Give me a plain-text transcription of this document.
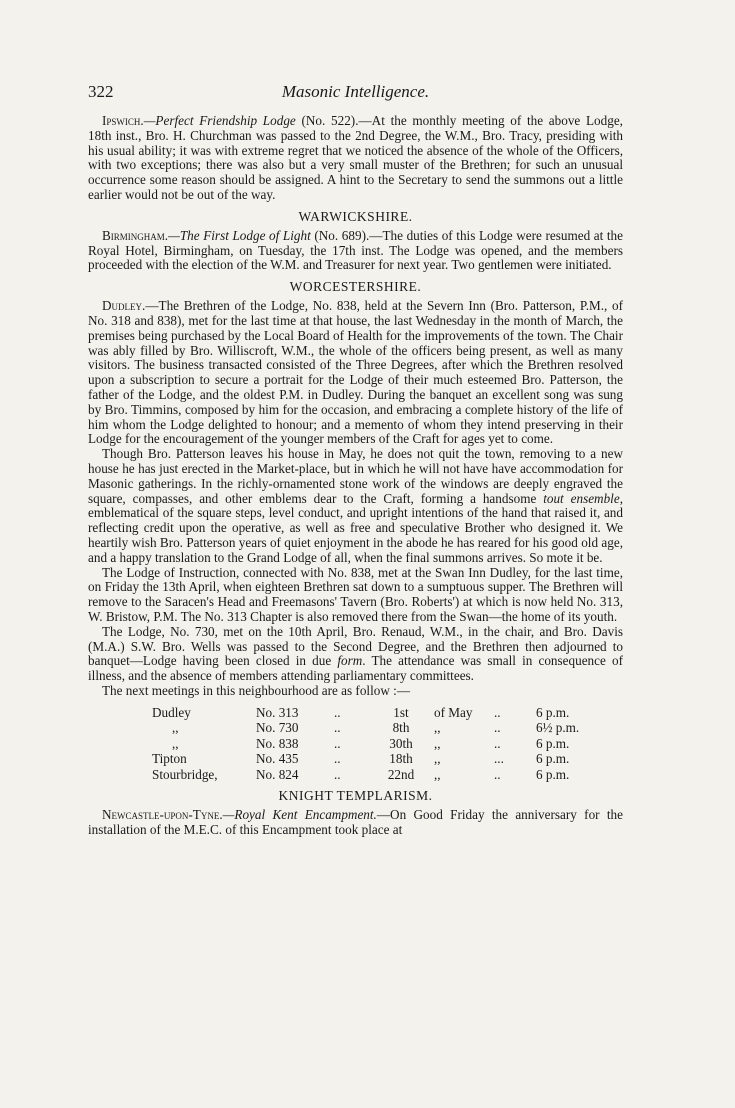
322	Masonic Intelligence.

Ipswich.—Perfect Friendship Lodge (No. 522).—At the monthly meeting of the above Lodge, 18th inst., Bro. H. Churchman was passed to the 2nd Degree, the W.M., Bro. Tracy, presiding with his usual ability; it was with extreme regret that we noticed the absence of the whole of the Officers, with two exceptions; there was also but a very small muster of the Brethren; for such an unusual occurrence some reason should be assigned. A hint to the Secretary to send the summons out a little earlier would not be out of the way.

WARWICKSHIRE.

Birmingham.—The First Lodge of Light (No. 689).—The duties of this Lodge were resumed at the Royal Hotel, Birmingham, on Tuesday, the 17th inst. The Lodge was opened, and the members proceeded with the election of the W.M. and Treasurer for next year. Two gentlemen were initiated.

WORCESTERSHIRE.

Dudley.—The Brethren of the Lodge, No. 838, held at the Severn Inn (Bro. Patterson, P.M., of No. 318 and 838), met for the last time at that house, the last Wednesday in the month of March, the premises being purchased by the Local Board of Health for the improvements of the town. The Chair was ably filled by Bro. Williscroft, W.M., the whole of the officers being present, as well as many visitors. The business transacted consisted of the Three Degrees, after which the Brethren resolved upon a subscription to secure a portrait for the Lodge of their much esteemed Bro. Patterson, the father of the Lodge, and the oldest P.M. in Dudley. During the banquet an excellent song was sung by Bro. Timmins, composed by him for the occasion, and embracing a complete history of the life of him whom the Lodge delighted to honour; and a memento of whom they intend preserving in their Lodge for the encouragement of the younger members of the Craft for ages yet to come.

Though Bro. Patterson leaves his house in May, he does not quit the town, removing to a new house he has just erected in the Market-place, but in which he will not have have accommodation for Masonic gatherings. In the richly-ornamented stone work of the windows are deeply engraved the square, compasses, and other emblems dear to the Craft, forming a handsome tout ensemble, emblematical of the square steps, level conduct, and upright intentions of the hand that raised it, and reflecting credit upon the operative, as well as free and speculative Brother who designed it. We heartily wish Bro. Patterson years of quiet enjoyment in the abode he has reared for his good old age, and a happy translation to the Grand Lodge of all, when the final summons arrives. So mote it be.

The Lodge of Instruction, connected with No. 838, met at the Swan Inn Dudley, for the last time, on Friday the 13th April, when eighteen Brethren sat down to a sumptuous supper. The Brethren will remove to the Saracen's Head and Freemasons' Tavern (Bro. Roberts') at which is now held No. 313, W. Bristow, P.M. The No. 313 Chapter is also removed there from the Swan—the home of its youth.

The Lodge, No. 730, met on the 10th April, Bro. Renaud, W.M., in the chair, and Bro. Davis (M.A.) S.W. Bro. Wells was passed to the Second Degree, and the Brethren then adjourned to banquet—Lodge having been closed in due form. The attendance was small in consequence of illness, and the absence of members attending parliamentary committees.

The next meetings in this neighbourhood are as follow :—

Dudley	No. 313	..	1st	of May	..	6 p.m.
,,	No. 730	..	8th	,,	..	6½ p.m.
,,	No. 838	..	30th	,,	..	6 p.m.
Tipton	No. 435	..	18th	,,	...	6 p.m.
Stourbridge,	No. 824	..	22nd	,,	..	6 p.m.
KNIGHT TEMPLARISM.

Newcastle-upon-Tyne.—Royal Kent Encampment.—On Good Friday the anniversary for the installation of the M.E.C. of this Encampment took place at
